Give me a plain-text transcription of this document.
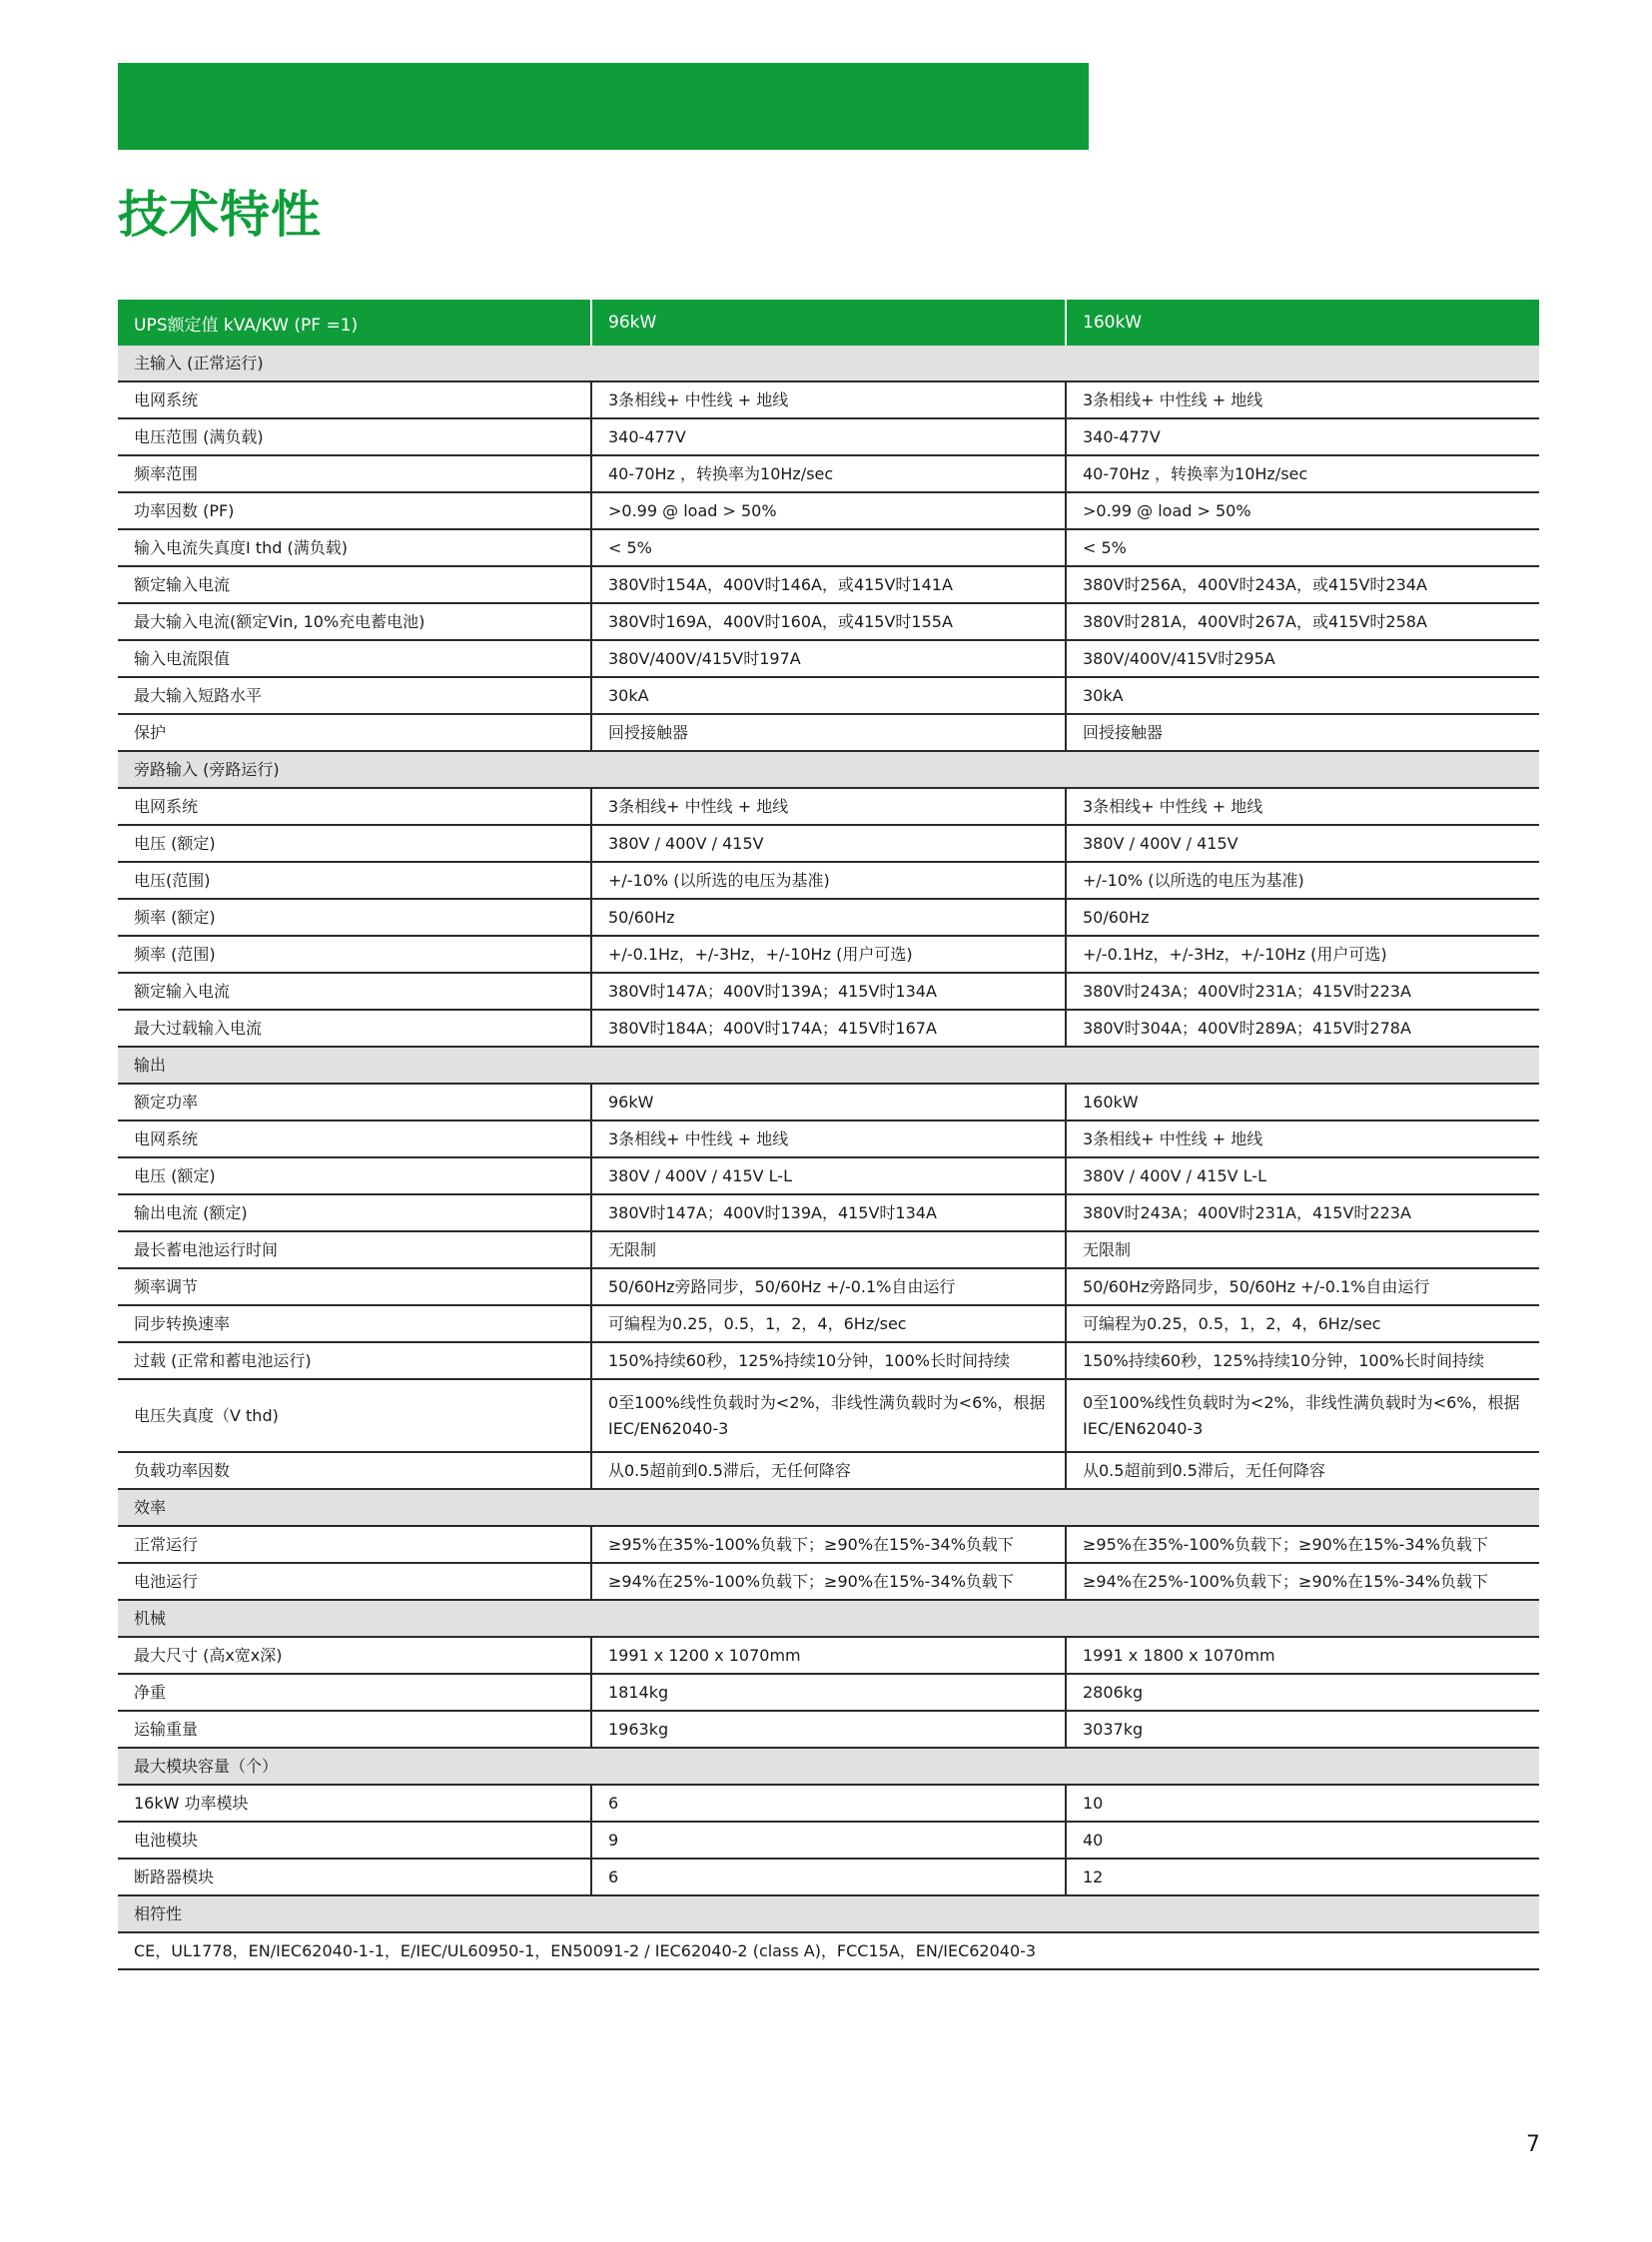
技术特性
UPS额定值 kVA/KW (PF =1)	96kW	160kW
主输入 (正常运行)		
电网系统	3条相线+ 中性线 + 地线	3条相线+ 中性线 + 地线
电压范围 (满负载)	340-477V	340-477V
频率范围	40-70Hz ，转换率为10Hz/sec	40-70Hz ，转换率为10Hz/sec
功率因数 (PF)	>0.99 @ load > 50%	>0.99 @ load > 50%
输入电流失真度I thd (满负载)	< 5%	< 5%
额定输入电流	380V时154A，400V时146A，或415V时141A	380V时256A，400V时243A，或415V时234A
最大输入电流(额定Vin, 10%充电蓄电池)	380V时169A，400V时160A，或415V时155A	380V时281A，400V时267A，或415V时258A
输入电流限值	380V/400V/415V时197A	380V/400V/415V时295A
最大输入短路水平	30kA	30kA
保护	回授接触器	回授接触器
旁路输入 (旁路运行)		
电网系统	3条相线+ 中性线 + 地线	3条相线+ 中性线 + 地线
电压 (额定)	380V / 400V / 415V	380V / 400V / 415V
电压(范围)	+/-10% (以所选的电压为基准)	+/-10% (以所选的电压为基准)
频率 (额定)	50/60Hz	50/60Hz
频率 (范围)	+/-0.1Hz，+/-3Hz，+/-10Hz (用户可选)	+/-0.1Hz，+/-3Hz，+/-10Hz (用户可选)
额定输入电流	380V时147A；400V时139A；415V时134A	380V时243A；400V时231A；415V时223A
最大过载输入电流	380V时184A；400V时174A；415V时167A	380V时304A；400V时289A；415V时278A
输出		
额定功率	96kW	160kW
电网系统	3条相线+ 中性线 + 地线	3条相线+ 中性线 + 地线
电压 (额定)	380V / 400V / 415V L-L	380V / 400V / 415V L-L
输出电流 (额定)	380V时147A；400V时139A，415V时134A	380V时243A；400V时231A，415V时223A
最长蓄电池运行时间	无限制	无限制
频率调节	50/60Hz旁路同步，50/60Hz +/-0.1%自由运行	50/60Hz旁路同步，50/60Hz +/-0.1%自由运行
同步转换速率	可编程为0.25，0.5，1，2，4，6Hz/sec	可编程为0.25，0.5，1，2，4，6Hz/sec
过载 (正常和蓄电池运行)	150%持续60秒，125%持续10分钟，100%长时间持续	150%持续60秒，125%持续10分钟，100%长时间持续
电压失真度（V thd)	0至100%线性负载时为<2%，非线性满负载时为<6%，根据IEC/EN62040-3	0至100%线性负载时为<2%，非线性满负载时为<6%，根据IEC/EN62040-3
负载功率因数	从0.5超前到0.5滞后，无任何降容	从0.5超前到0.5滞后，无任何降容
效率		
正常运行	≥95%在35%-100%负载下；≥90%在15%-34%负载下	≥95%在35%-100%负载下；≥90%在15%-34%负载下
电池运行	≥94%在25%-100%负载下；≥90%在15%-34%负载下	≥94%在25%-100%负载下；≥90%在15%-34%负载下
机械		
最大尺寸 (高x宽x深)	1991 x 1200 x 1070mm	1991 x 1800 x 1070mm
净重	1814kg	2806kg
运输重量	1963kg	3037kg
最大模块容量（个）		
16kW 功率模块	6	10
电池模块	9	40
断路器模块	6	12
相符性		
CE，UL1778，EN/IEC62040-1-1，E/IEC/UL60950-1，EN50091-2 / IEC62040-2 (class A)，FCC15A，EN/IEC62040-3		
7
